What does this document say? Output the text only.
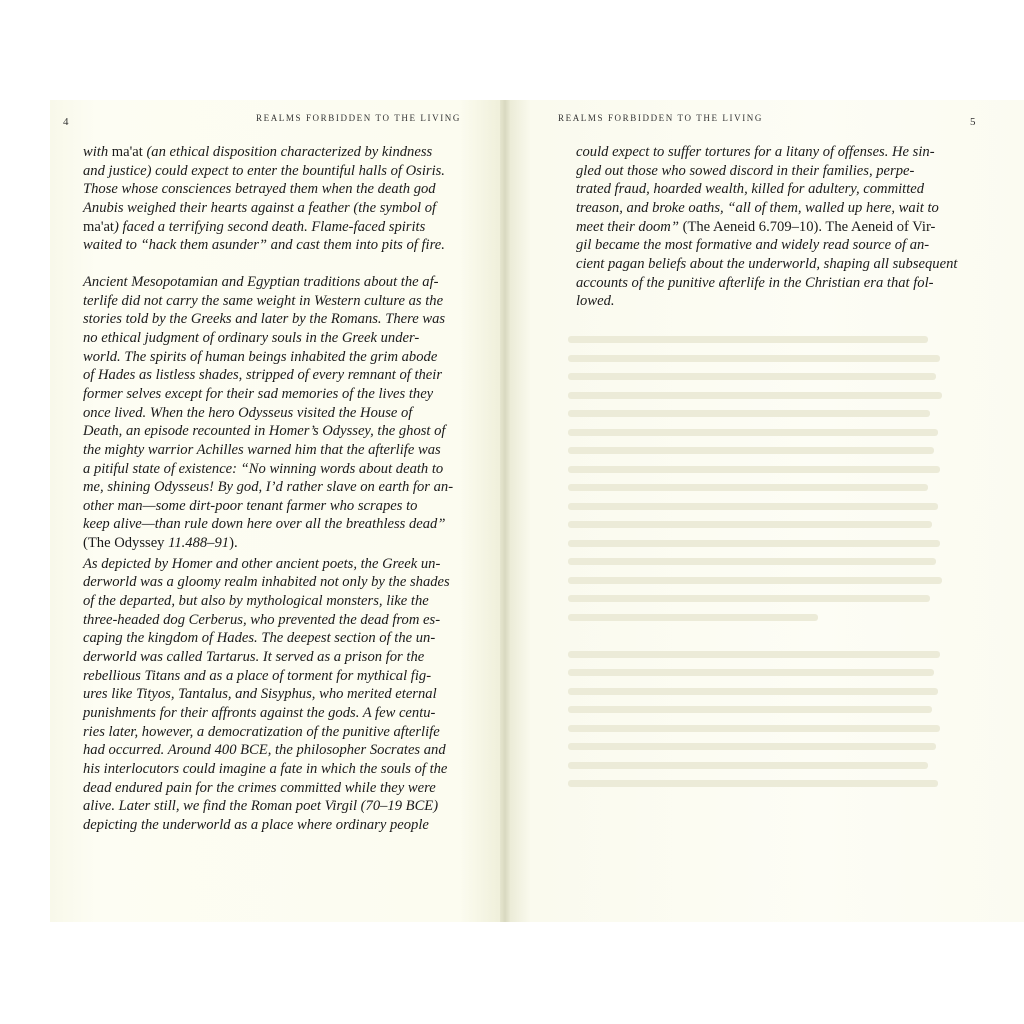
4	REALMS FORBIDDEN TO THE LIVING	REALMS FORBIDDEN TO THE LIVING	5

with ma'at (an ethical disposition characterized by kindness
and justice) could expect to enter the bountiful halls of Osiris.
Those whose consciences betrayed them when the death god
Anubis weighed their hearts against a feather (the symbol of
ma'at) faced a terrifying second death. Flame-faced spirits
waited to “hack them asunder” and cast them into pits of fire.

Ancient Mesopotamian and Egyptian traditions about the af-
terlife did not carry the same weight in Western culture as the
stories told by the Greeks and later by the Romans. There was
no ethical judgment of ordinary souls in the Greek under-
world. The spirits of human beings inhabited the grim abode
of Hades as listless shades, stripped of every remnant of their
former selves except for their sad memories of the lives they
once lived. When the hero Odysseus visited the House of
Death, an episode recounted in Homer’s Odyssey, the ghost of
the mighty warrior Achilles warned him that the afterlife was
a pitiful state of existence: “No winning words about death to
me, shining Odysseus! By god, I’d rather slave on earth for an-
other man—some dirt-poor tenant farmer who scrapes to
keep alive—than rule down here over all the breathless dead”
(The Odyssey 11.488–91).

As depicted by Homer and other ancient poets, the Greek un-
derworld was a gloomy realm inhabited not only by the shades
of the departed, but also by mythological monsters, like the
three-headed dog Cerberus, who prevented the dead from es-
caping the kingdom of Hades. The deepest section of the un-
derworld was called Tartarus. It served as a prison for the
rebellious Titans and as a place of torment for mythical fig-
ures like Tityos, Tantalus, and Sisyphus, who merited eternal
punishments for their affronts against the gods. A few centu-
ries later, however, a democratization of the punitive afterlife
had occurred. Around 400 BCE, the philosopher Socrates and
his interlocutors could imagine a fate in which the souls of the
dead endured pain for the crimes committed while they were
alive. Later still, we find the Roman poet Virgil (70–19 BCE)
depicting the underworld as a place where ordinary people

could expect to suffer tortures for a litany of offenses. He sin-
gled out those who sowed discord in their families, perpe-
trated fraud, hoarded wealth, killed for adultery, committed
treason, and broke oaths, “all of them, walled up here, wait to
meet their doom” (The Aeneid 6.709–10). The Aeneid of Vir-
gil became the most formative and widely read source of an-
cient pagan beliefs about the underworld, shaping all subsequent
accounts of the punitive afterlife in the Christian era that fol-
lowed.
